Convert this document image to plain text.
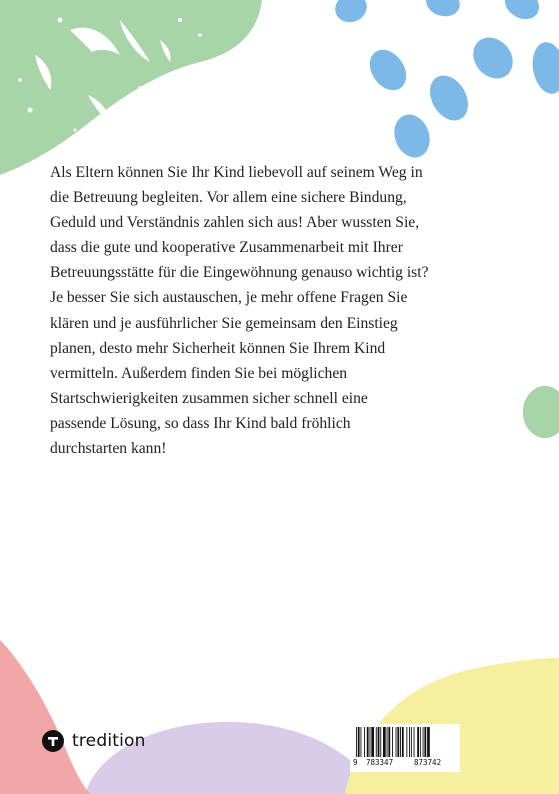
Als Eltern können Sie Ihr Kind liebevoll auf seinem Weg in
die Betreuung begleiten. Vor allem eine sichere Bindung,
Geduld und Verständnis zahlen sich aus! Aber wussten Sie,
dass die gute und kooperative Zusammenarbeit mit Ihrer
Betreuungsstätte für die Eingewöhnung genauso wichtig ist?
Je besser Sie sich austauschen, je mehr offene Fragen Sie
klären und je ausführlicher Sie gemeinsam den Einstieg
planen, desto mehr Sicherheit können Sie Ihrem Kind
vermitteln. Außerdem finden Sie bei möglichen
Startschwierigkeiten zusammen sicher schnell eine
passende Lösung, so dass Ihr Kind bald fröhlich
durchstarten kann!

tredition
9 783347	873742
